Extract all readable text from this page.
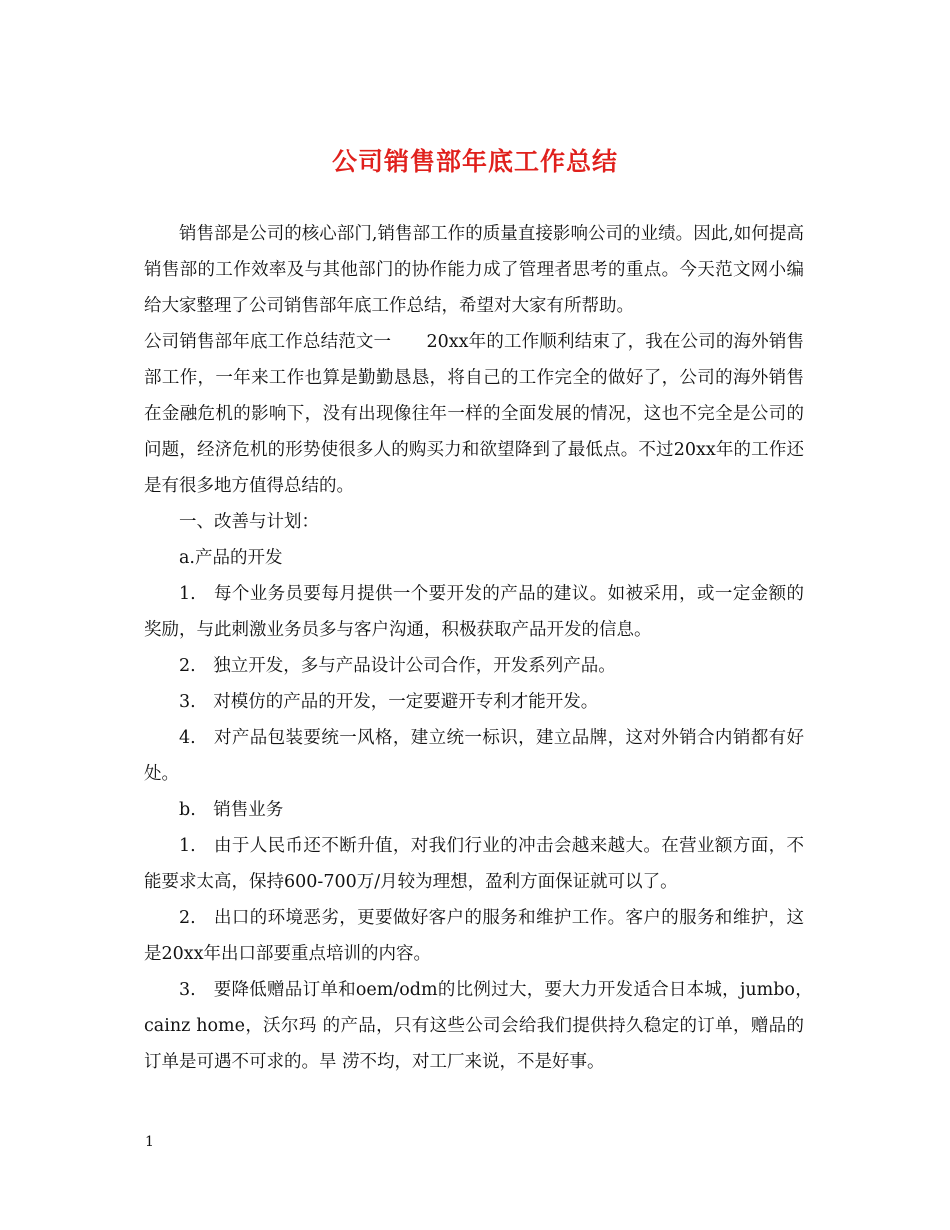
公司销售部年底工作总结

销售部是公司的核心部门,销售部工作的质量直接影响公司的业绩。因此,如何提高销售部的工作效率及与其他部门的协作能力成了管理者思考的重点。今天范文网小编给大家整理了公司销售部年底工作总结，希望对大家有所帮助。

公司销售部年底工作总结范文一　　20xx年的工作顺利结束了，我在公司的海外销售部工作，一年来工作也算是勤勤恳恳，将自己的工作完全的做好了，公司的海外销售在金融危机的影响下，没有出现像往年一样的全面发展的情况，这也不完全是公司的问题，经济危机的形势使很多人的购买力和欲望降到了最低点。不过20xx年的工作还是有很多地方值得总结的。

一、改善与计划：

a.产品的开发

1.　每个业务员要每月提供一个要开发的产品的建议。如被采用，或一定金额的奖励，与此刺激业务员多与客户沟通，积极获取产品开发的信息。

2.　独立开发，多与产品设计公司合作，开发系列产品。

3.　对模仿的产品的开发，一定要避开专利才能开发。

4.　对产品包装要统一风格，建立统一标识，建立品牌，这对外销合内销都有好处。

b.　销售业务

1.　由于人民币还不断升值，对我们行业的冲击会越来越大。在营业额方面，不能要求太高，保持600-700万/月较为理想，盈利方面保证就可以了。

2.　出口的环境恶劣，更要做好客户的服务和维护工作。客户的服务和维护，这是20xx年出口部要重点培训的内容。

3.　要降低赠品订单和oem/odm的比例过大，要大力开发适合日本城，jumbo，　cainz home，沃尔玛 的产品，只有这些公司会给我们提供持久稳定的订单，赠品的订单是可遇不可求的。旱 涝不均，对工厂来说，不是好事。

1
